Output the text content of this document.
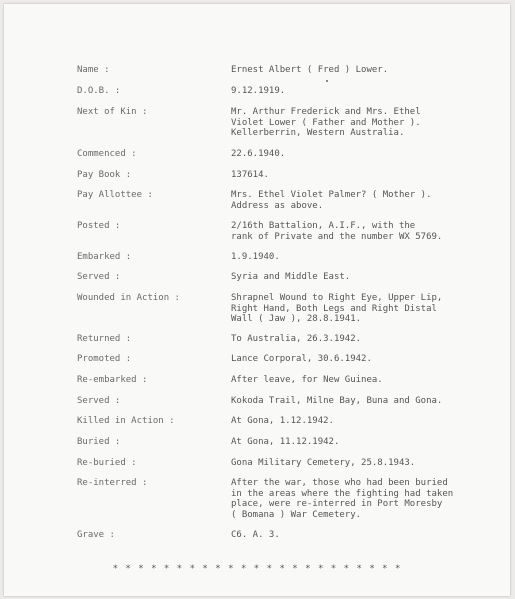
Name :	Ernest Albert ( Fred ) Lower.
D.O.B. :	9.12.1919.
Next of Kin :	Mr. Arthur Frederick and Mrs. Ethel
Violet Lower ( Father and Mother ).
Kellerberrin, Western Australia.
Commenced :	22.6.1940.
Pay Book :	137614.
Pay Allottee :	Mrs. Ethel Violet Palmer? ( Mother ).
Address as above.
Posted :	2/16th Battalion, A.I.F., with the
rank of Private and the number WX 5769.
Embarked :	1.9.1940.
Served :	Syria and Middle East.
Wounded in Action :	Shrapnel Wound to Right Eye, Upper Lip,
Right Hand, Both Legs and Right Distal
Wall ( Jaw ), 28.8.1941.
Returned :	To Australia, 26.3.1942.
Promoted :	Lance Corporal, 30.6.1942.
Re-embarked :	After leave, for New Guinea.
Served :	Kokoda Trail, Milne Bay, Buna and Gona.
Killed in Action :	At Gona, 1.12.1942.
Buried :	At Gona, 11.12.1942.
Re-buried :	Gona Military Cemetery, 25.8.1943.
Re-interred :	After the war, those who had been buried
in the areas where the fighting had taken
place, were re-interred in Port Moresby
( Bomana ) War Cemetery.
Grave :	C6. A. 3.
* * * * * * * * * * * * * * * * * * * * * * *
